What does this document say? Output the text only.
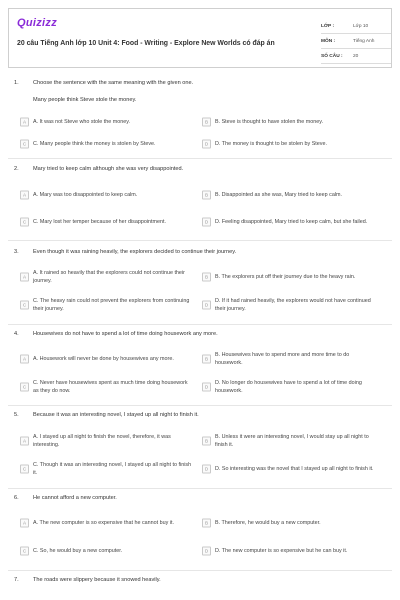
Quizizz
20 câu Tiếng Anh lớp 10 Unit 4: Food - Writing - Explore New Worlds có đáp án
LỚP :	Lớp 10
MÔN :	Tiếng Anh
SỐ CÂU :	20
1.	Choose the sentence with the same meaning with the given one.
Many people think Steve stole the money.
A	A. It was not Steve who stole the money.	B	B. Steve is thought to have stolen the money.
C	C. Many people think the money is stolen by Steve.	D	D. The money is thought to be stolen by Steve.
2.	Mary tried to keep calm although she was very disappointed.
A	A. Mary was too disappointed to keep calm.	B	B. Disappointed as she was, Mary tried to keep calm.
C	C. Mary lost her temper because of her disappointment.	D	D. Feeling disappointed, Mary tried to keep calm, but she failed.
3.	Even though it was raining heavily, the explorers decided to continue their journey.
A
A. It rained so heavily that the explorers could not continue their journey.
B	B. The explorers put off their journey due to the heavy rain.
C
C. The heavy rain could not prevent the explorers from continuing their journey.
D
D. If it had rained heavily, the explorers would not have continued their journey.
4.	Housewives do not have to spend a lot of time doing housework any more.
A	A. Housework will never be done by housewives any more.	B
B. Housewives have to spend more and more time to do housework.
C
C. Never have housewives spent as much time doing housework as they do now.
D
D. No longer do housewives have to spend a lot of time doing housework.
5.	Because it was an interesting novel, I stayed up all night to finish it.
A
A. I stayed up all night to finish the novel, therefore, it was interesting.
B
B. Unless it were an interesting novel, I would stay up all night to finish it.
C
C. Though it was an interesting novel, I stayed up all night to finish it.
D	D. So interesting was the novel that I stayed up all night to finish it.
6.	He cannot afford a new computer.
A	A. The new computer is so expensive that he cannot buy it.	B	B. Therefore, he would buy a new computer.
C	C. So, he would buy a new computer.	D	D. The new computer is so expensive but he can buy it.
7.	The roads were slippery because it snowed heavily.
